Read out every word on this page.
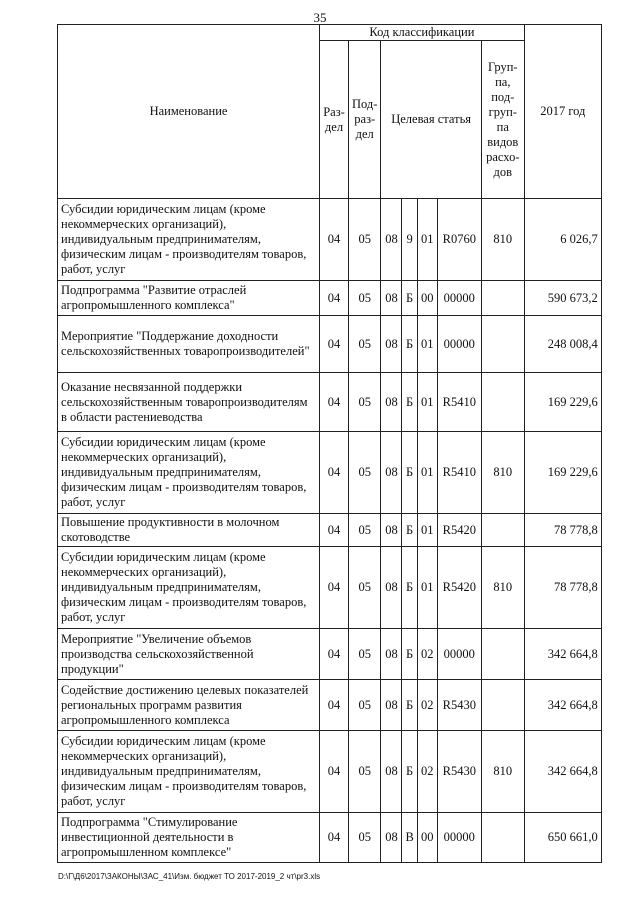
35
Наименование	Код классификации							2017 год
	Раз- дел	Под- раз- дел	Целевая статья				Груп- па, под- груп- па видов расхо- дов	
Субсидии юридическим лицам (кроме некоммерческих организаций), индивидуальным предпринимателям, физическим лицам - производителям товаров, работ, услуг	04	05	08	9	01	R0760	810	6 026,7
Подпрограмма "Развитие отраслей агропромышленного комплекса"	04	05	08	Б	00	00000		590 673,2
Мероприятие "Поддержание доходности сельскохозяйственных товаропроизводителей"	04	05	08	Б	01	00000		248 008,4
Оказание несвязанной поддержки сельскохозяйственным товаропроизводителям в области растениеводства	04	05	08	Б	01	R5410		169 229,6
Субсидии юридическим лицам (кроме некоммерческих организаций), индивидуальным предпринимателям, физическим лицам - производителям товаров, работ, услуг	04	05	08	Б	01	R5410	810	169 229,6
Повышение продуктивности в молочном скотоводстве	04	05	08	Б	01	R5420		78 778,8
Субсидии юридическим лицам (кроме некоммерческих организаций), индивидуальным предпринимателям, физическим лицам - производителям товаров, работ, услуг	04	05	08	Б	01	R5420	810	78 778,8
Мероприятие "Увеличение объемов производства сельскохозяйственной продукции"	04	05	08	Б	02	00000		342 664,8
Содействие достижению целевых показателей региональных программ развития агропромышленного комплекса	04	05	08	Б	02	R5430		342 664,8
Субсидии юридическим лицам (кроме некоммерческих организаций), индивидуальным предпринимателям, физическим лицам - производителям товаров, работ, услуг	04	05	08	Б	02	R5430	810	342 664,8
Подпрограмма "Стимулирование инвестиционной деятельности в агропромышленном комплексе"	04	05	08	В	00	00000		650 661,0
D:\Г\Д6\2017\ЗАКОНЫ\ЗАС_41\Изм. бюджет ТО 2017-2019_2 чт\рr3.xls
